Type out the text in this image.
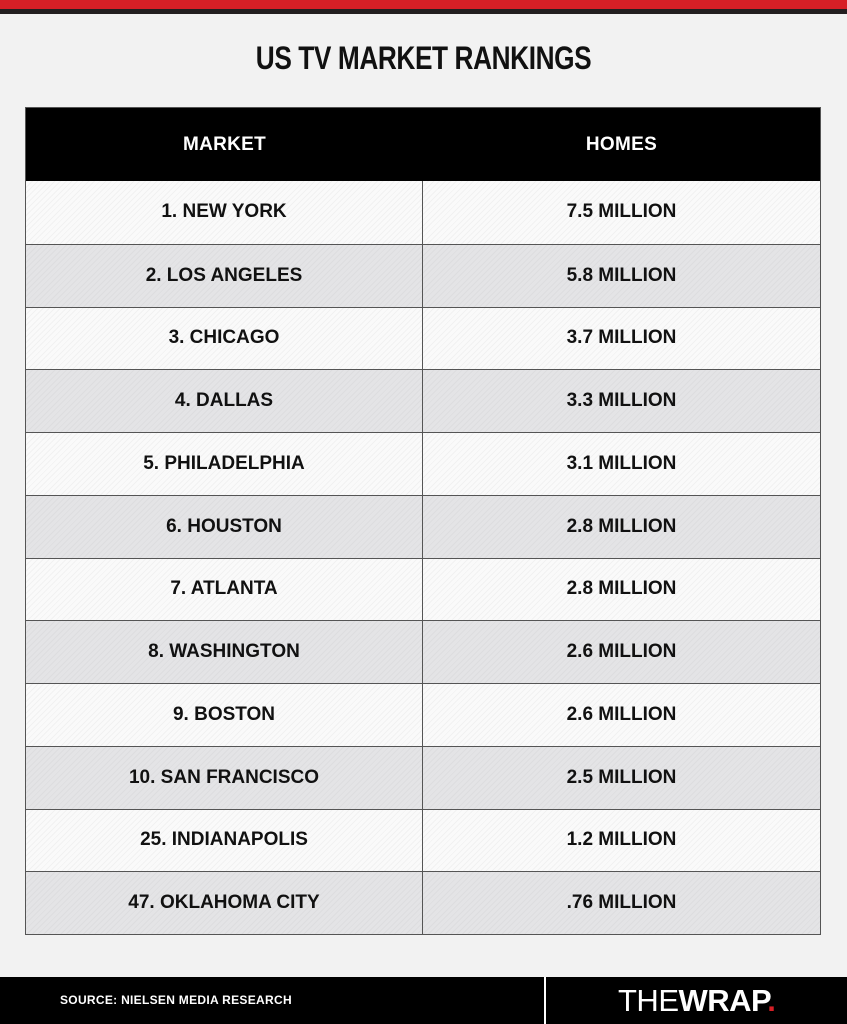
US TV MARKET RANKINGS
MARKET	HOMES
1. NEW YORK	7.5 MILLION
2. LOS ANGELES	5.8 MILLION
3. CHICAGO	3.7 MILLION
4. DALLAS	3.3 MILLION
5. PHILADELPHIA	3.1 MILLION
6. HOUSTON	2.8 MILLION
7. ATLANTA	2.8 MILLION
8. WASHINGTON	2.6 MILLION
9. BOSTON	2.6 MILLION
10. SAN FRANCISCO	2.5 MILLION
25. INDIANAPOLIS	1.2 MILLION
47. OKLAHOMA CITY	.76 MILLION
SOURCE: NIELSEN MEDIA RESEARCH	THEWRAP.
